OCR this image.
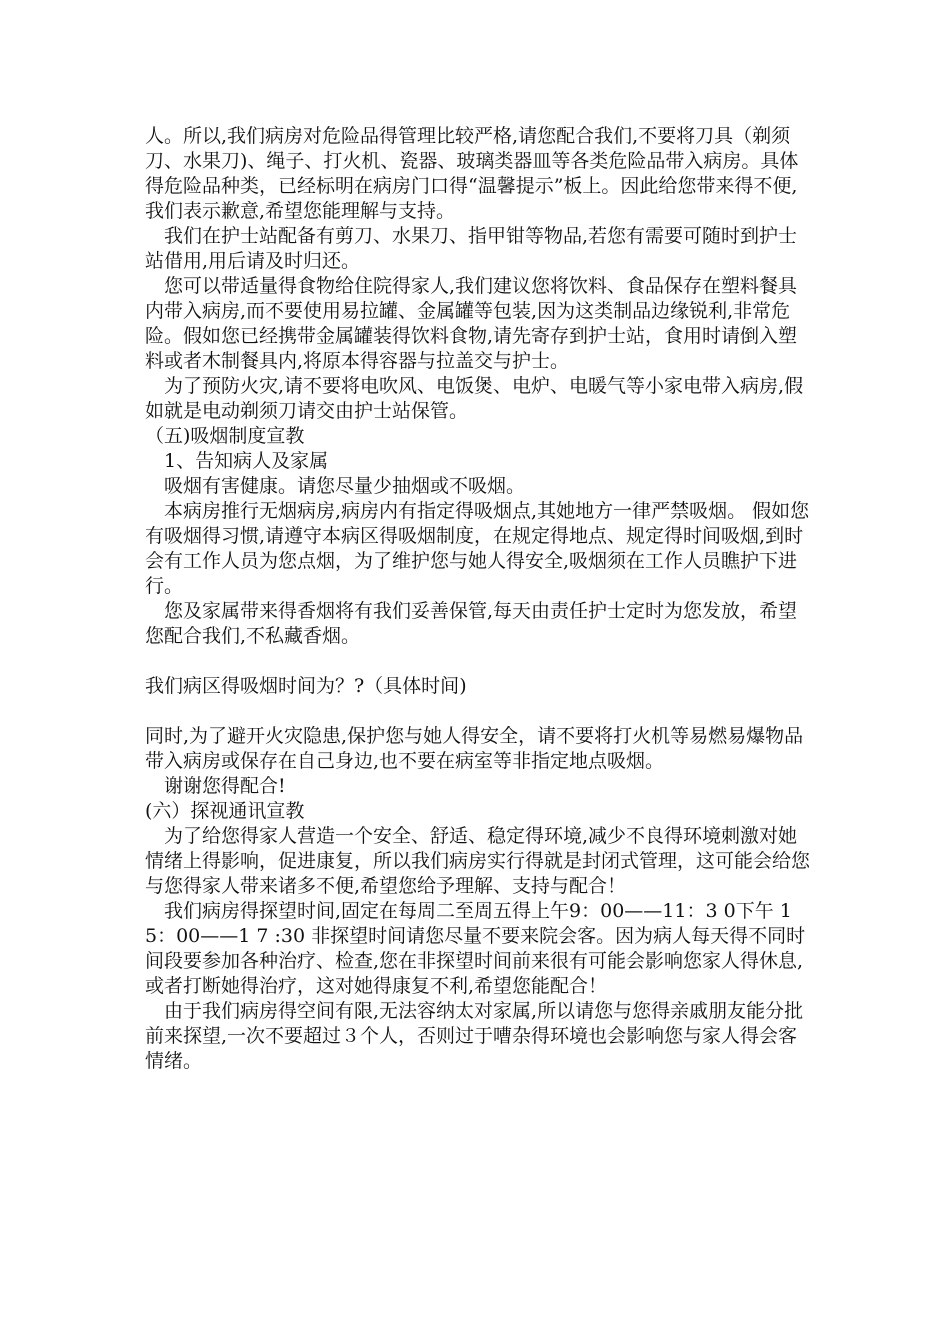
人。所以,我们病房对危险品得管理比较严格,请您配合我们,不要将刀具（剃须刀、水果刀)、绳子、打火机、瓷器、玻璃类器皿等各类危险品带入病房。具体得危险品种类，已经标明在病房门口得“温馨提示”板上。因此给您带来得不便,我们表示歉意,希望您能理解与支持。

我们在护士站配备有剪刀、水果刀、指甲钳等物品,若您有需要可随时到护士站借用,用后请及时归还。

您可以带适量得食物给住院得家人,我们建议您将饮料、食品保存在塑料餐具内带入病房,而不要使用易拉罐、金属罐等包装,因为这类制品边缘锐利,非常危险。假如您已经携带金属罐装得饮料食物,请先寄存到护士站，食用时请倒入塑料或者木制餐具内,将原本得容器与拉盖交与护士。

为了预防火灾,请不要将电吹风、电饭煲、电炉、电暖气等小家电带入病房,假如就是电动剃须刀请交由护士站保管。

（五)吸烟制度宣教

1、告知病人及家属

吸烟有害健康。请您尽量少抽烟或不吸烟。

本病房推行无烟病房,病房内有指定得吸烟点,其她地方一律严禁吸烟。 假如您有吸烟得习惯,请遵守本病区得吸烟制度，在规定得地点、规定得时间吸烟,到时会有工作人员为您点烟，为了维护您与她人得安全,吸烟须在工作人员瞧护下进行。

您及家属带来得香烟将有我们妥善保管,每天由责任护士定时为您发放，希望您配合我们,不私藏香烟。

我们病区得吸烟时间为？?（具体时间)

同时,为了避开火灾隐患,保护您与她人得安全，请不要将打火机等易燃易爆物品带入病房或保存在自己身边,也不要在病室等非指定地点吸烟。

谢谢您得配合!

(六）探视通讯宣教

为了给您得家人营造一个安全、舒适、稳定得环境,减少不良得环境刺激对她情绪上得影响，促进康复，所以我们病房实行得就是封闭式管理，这可能会给您与您得家人带来诸多不便,希望您给予理解、支持与配合！

我们病房得探望时间,固定在每周二至周五得上午9：00——11：3 0下午 15：00——1 7 :30 非探望时间请您尽量不要来院会客。因为病人每天得不同时间段要参加各种治疗、检查,您在非探望时间前来很有可能会影响您家人得休息,或者打断她得治疗，这对她得康复不利,希望您能配合！

由于我们病房得空间有限,无法容纳太对家属,所以请您与您得亲戚朋友能分批前来探望,一次不要超过３个人，否则过于嘈杂得环境也会影响您与家人得会客情绪。
